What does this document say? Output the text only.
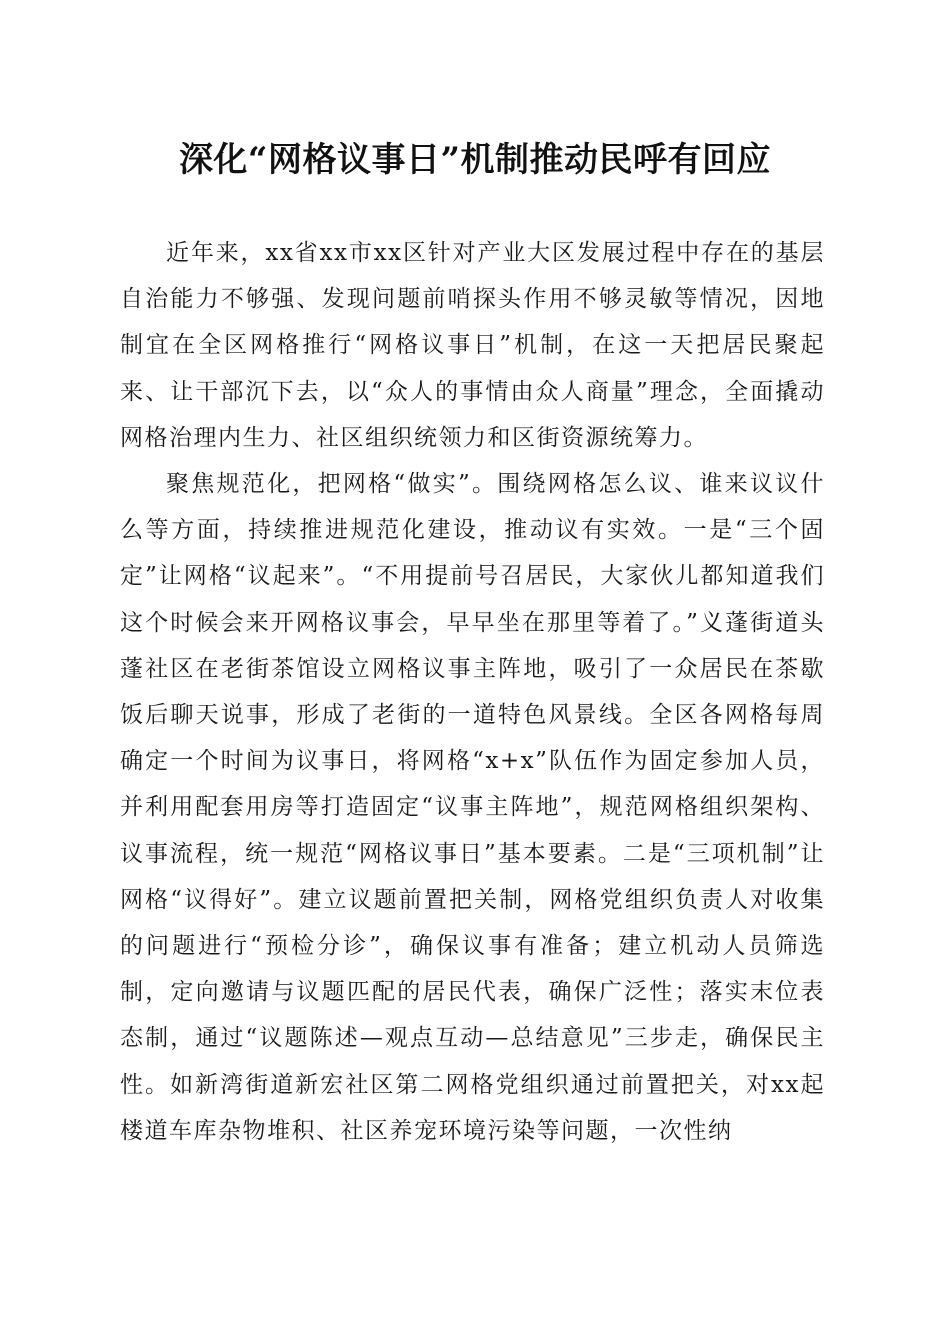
深化“网格议事日”机制推动民呼有回应

近年来，xx省xx市xx区针对产业大区发展过程中存在的基层自治能力不够强、发现问题前哨探头作用不够灵敏等情况，因地制宜在全区网格推行“网格议事日”机制，在这一天把居民聚起来、让干部沉下去，以“众人的事情由众人商量”理念，全面撬动网格治理内生力、社区组织统领力和区街资源统筹力。

聚焦规范化，把网格“做实”。围绕网格怎么议、谁来议议什么等方面，持续推进规范化建设，推动议有实效。一是“三个固定”让网格“议起来”。“不用提前号召居民，大家伙儿都知道我们这个时候会来开网格议事会，早早坐在那里等着了。”义蓬街道头蓬社区在老街茶馆设立网格议事主阵地，吸引了一众居民在茶歇饭后聊天说事，形成了老街的一道特色风景线。全区各网格每周确定一个时间为议事日，将网格“x+x”队伍作为固定参加人员，并利用配套用房等打造固定“议事主阵地”，规范网格组织架构、议事流程，统一规范“网格议事日”基本要素。二是“三项机制”让网格“议得好”。建立议题前置把关制，网格党组织负责人对收集的问题进行“预检分诊”，确保议事有准备；建立机动人员筛选制，定向邀请与议题匹配的居民代表，确保广泛性；落实末位表态制，通过“议题陈述—观点互动—总结意见”三步走，确保民主性。如新湾街道新宏社区第二网格党组织通过前置把关，对xx起楼道车库杂物堆积、社区养宠环境污染等问题，一次性纳
